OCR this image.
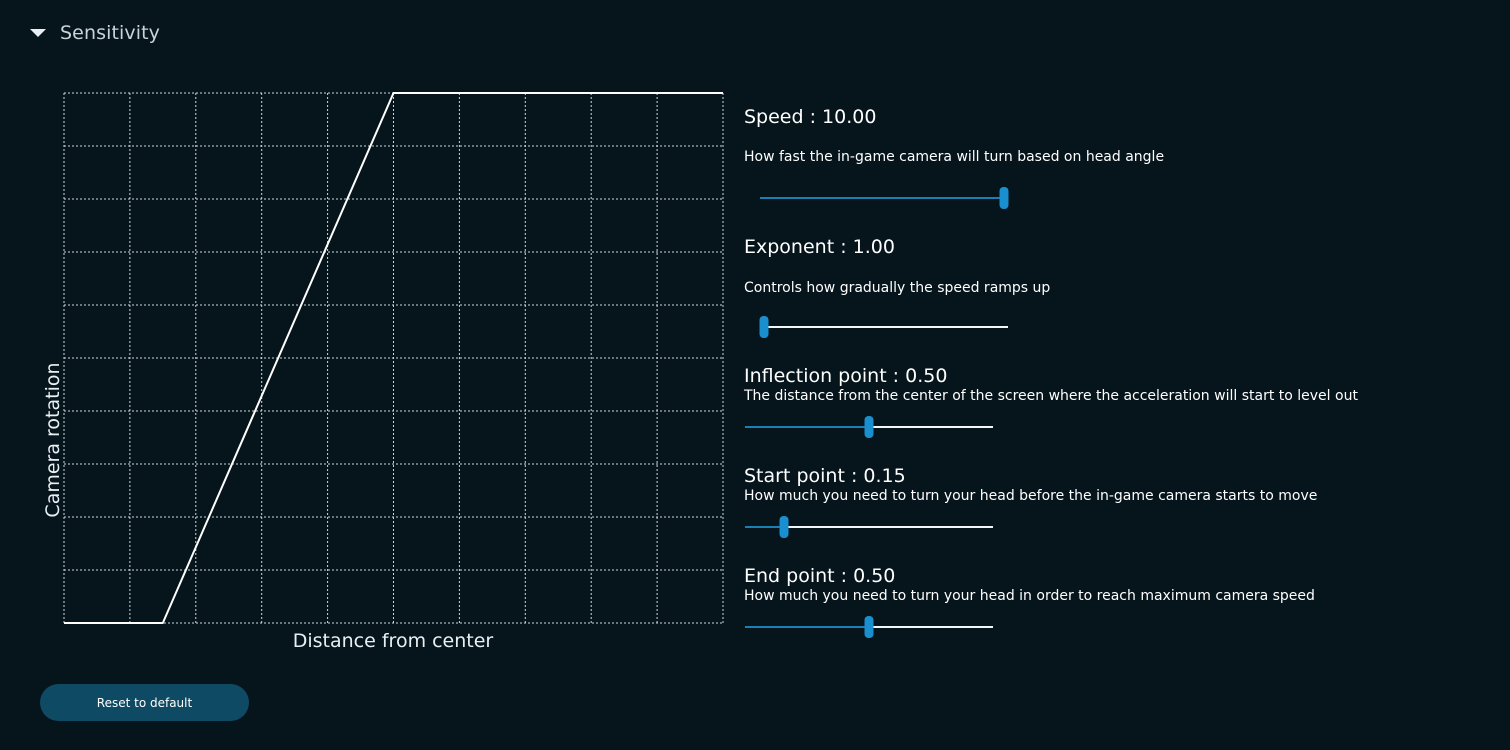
Sensitivity
Camera rotation
Distance from center
Speed : 10.00
How fast the in-game camera will turn based on head angle
Exponent : 1.00
Controls how gradually the speed ramps up
Inflection point : 0.50
The distance from the center of the screen where the acceleration will start to level out
Start point : 0.15
How much you need to turn your head before the in-game camera starts to move
End point : 0.50
How much you need to turn your head in order to reach maximum camera speed
Reset to default
